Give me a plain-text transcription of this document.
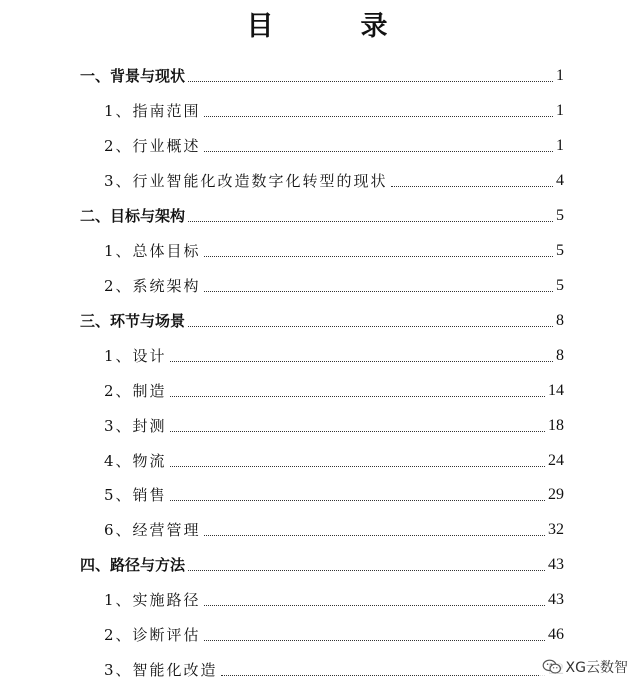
目　录
一、背景与现状	1
1、指南范围	1
2、行业概述	1
3、行业智能化改造数字化转型的现状	4
二、目标与架构	5
1、总体目标	5
2、系统架构	5
三、环节与场景	8
1、设计	8
2、制造	14
3、封测	18
4、物流	24
5、销售	29
6、经营管理	32
四、路径与方法	43
1、实施路径	43
2、诊断评估	46
3、智能化改造	XG云数智
